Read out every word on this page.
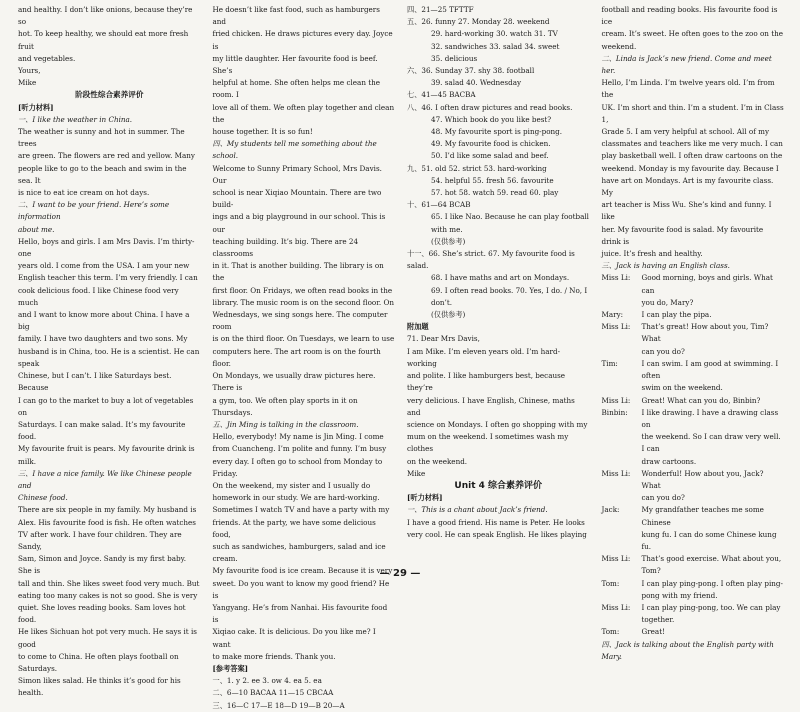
and healthy. I don’t like onions, because they’re so

hot. To keep healthy, we should eat more fresh fruit

and vegetables.

Yours,

Mike

阶段性综合素养评价

[听力材料]

一、I like the weather in China.

The weather is sunny and hot in summer. The trees

are green. The flowers are red and yellow. Many

people like to go to the beach and swim in the sea. It

is nice to eat ice cream on hot days.

二、I want to be your friend. Here’s some information

about me.

Hello, boys and girls. I am Mrs Davis. I’m thirty-one

years old. I come from the USA. I am your new

English teacher this term. I’m very friendly. I can

cook delicious food. I like Chinese food very much

and I want to know more about China. I have a big

family. I have two daughters and two sons. My

husband is in China, too. He is a scientist. He can speak

Chinese, but I can’t. I like Saturdays best. Because

I can go to the market to buy a lot of vegetables on

Saturdays. I can make salad. It’s my favourite food.

My favourite fruit is pears. My favourite drink is milk.

三、I have a nice family. We like Chinese people and

Chinese food.

There are six people in my family. My husband is

Alex. His favourite food is fish. He often watches

TV after work. I have four children. They are Sandy,

Sam, Simon and Joyce. Sandy is my first baby. She is

tall and thin. She likes sweet food very much. But

eating too many cakes is not so good. She is very

quiet. She loves reading books. Sam loves hot food.

He likes Sichuan hot pot very much. He says it is good

to come to China. He often plays football on Saturdays.

Simon likes salad. He thinks it’s good for his health.

He doesn’t like fast food, such as hamburgers and

fried chicken. He draws pictures every day. Joyce is

my little daughter. Her favourite food is beef. She’s

helpful at home. She often helps me clean the room. I

love all of them. We often play together and clean the

house together. It is so fun!

四、My students tell me something about the school.

Welcome to Sunny Primary School, Mrs Davis. Our

school is near Xiqiao Mountain. There are two build-

ings and a big playground in our school. This is our

teaching building. It’s big. There are 24 classrooms

in it. That is another building. The library is on the

first floor. On Fridays, we often read books in the

library. The music room is on the second floor. On

Wednesdays, we sing songs here. The computer room

is on the third floor. On Tuesdays, we learn to use

computers here. The art room is on the fourth floor.

On Mondays, we usually draw pictures here. There is

a gym, too. We often play sports in it on Thursdays.

五、Jin Ming is talking in the classroom.

Hello, everybody! My name is Jin Ming. I come

from Cuancheng. I’m polite and funny. I’m busy

every day. I often go to school from Monday to Friday.

On the weekend, my sister and I usually do

homework in our study. We are hard-working.

Sometimes I watch TV and have a party with my

friends. At the party, we have some delicious food,

such as sandwiches, hamburgers, salad and ice cream.

My favourite food is ice cream. Because it is very

sweet. Do you want to know my good friend? He is

Yangyang. He’s from Nanhai. His favourite food is

Xiqiao cake. It is delicious. Do you like me? I want

to make more friends. Thank you.

[参考答案]

一、1. y 2. ee 3. ow 4. ea 5. ea

二、6—10 BACAA 11—15 CBCAA

三、16—C 17—E 18—D 19—B 20—A

四、21—25 TFTTF

五、26. funny 27. Monday 28. weekend

29. hard-working 30. watch 31. TV

32. sandwiches 33. salad 34. sweet

35. delicious

六、36. Sunday 37. shy 38. football

39. salad 40. Wednesday

七、41—45 BACBA

八、46. I often draw pictures and read books.

47. Which book do you like best?

48. My favourite sport is ping-pong.

49. My favourite food is chicken.

50. I’d like some salad and beef.

九、51. old 52. strict 53. hard-working

54. helpful 55. fresh 56. favourite

57. hot 58. watch 59. read 60. play

十、61—64 BCAB

65. I like Nao. Because he can play football with me.

(仅供参考)

十一、66. She’s strict. 67. My favourite food is salad.

68. I have maths and art on Mondays.

69. I often read books. 70. Yes, I do. / No, I don’t.

(仅供参考)

附加题

71. Dear Mrs Davis,

I am Mike. I’m eleven years old. I’m hard-working

and polite. I like hamburgers best, because they’re

very delicious. I have English, Chinese, maths and

science on Mondays. I often go shopping with my

mum on the weekend. I sometimes wash my clothes

on the weekend.

Mike

Unit 4 综合素养评价

[听力材料]

一、This is a chant about Jack’s friend.

I have a good friend. His name is Peter. He looks

very cool. He can speak English. He likes playing

football and reading books. His favourite food is ice

cream. It’s sweet. He often goes to the zoo on the

weekend.

二、Linda is Jack’s new friend. Come and meet her.

Hello, I’m Linda. I’m twelve years old. I’m from the

UK. I’m short and thin. I’m a student. I’m in Class 1,

Grade 5. I am very helpful at school. All of my

classmates and teachers like me very much. I can

play basketball well. I often draw cartoons on the

weekend. Monday is my favourite day. Because I

have art on Mondays. Art is my favourite class. My

art teacher is Miss Wu. She’s kind and funny. I like

her. My favourite food is salad. My favourite drink is

juice. It’s fresh and healthy.

三、Jack is having an English class.

Miss Li:	Good morning, boys and girls. What can
you do, Mary?
Mary:	I can play the pipa.
Miss Li:	That’s great! How about you, Tim? What
can you do?
Tim:	I can swim. I am good at swimming. I often
swim on the weekend.
Miss Li:	Great! What can you do, Binbin?
Binbin:	I like drawing. I have a drawing class on
the weekend. So I can draw very well. I can
draw cartoons.
Miss Li:	Wonderful! How about you, Jack? What
can you do?
Jack:	My grandfather teaches me some Chinese
kung fu. I can do some Chinese kung fu.
Miss Li:	That’s good exercise. What about you, Tom?
Tom:	I can play ping-pong. I often play ping-
pong with my friend.
Miss Li:	I can play ping-pong, too. We can play
together.
Tom:	Great!

四、Jack is talking about the English party with Mary.

— 29 —
